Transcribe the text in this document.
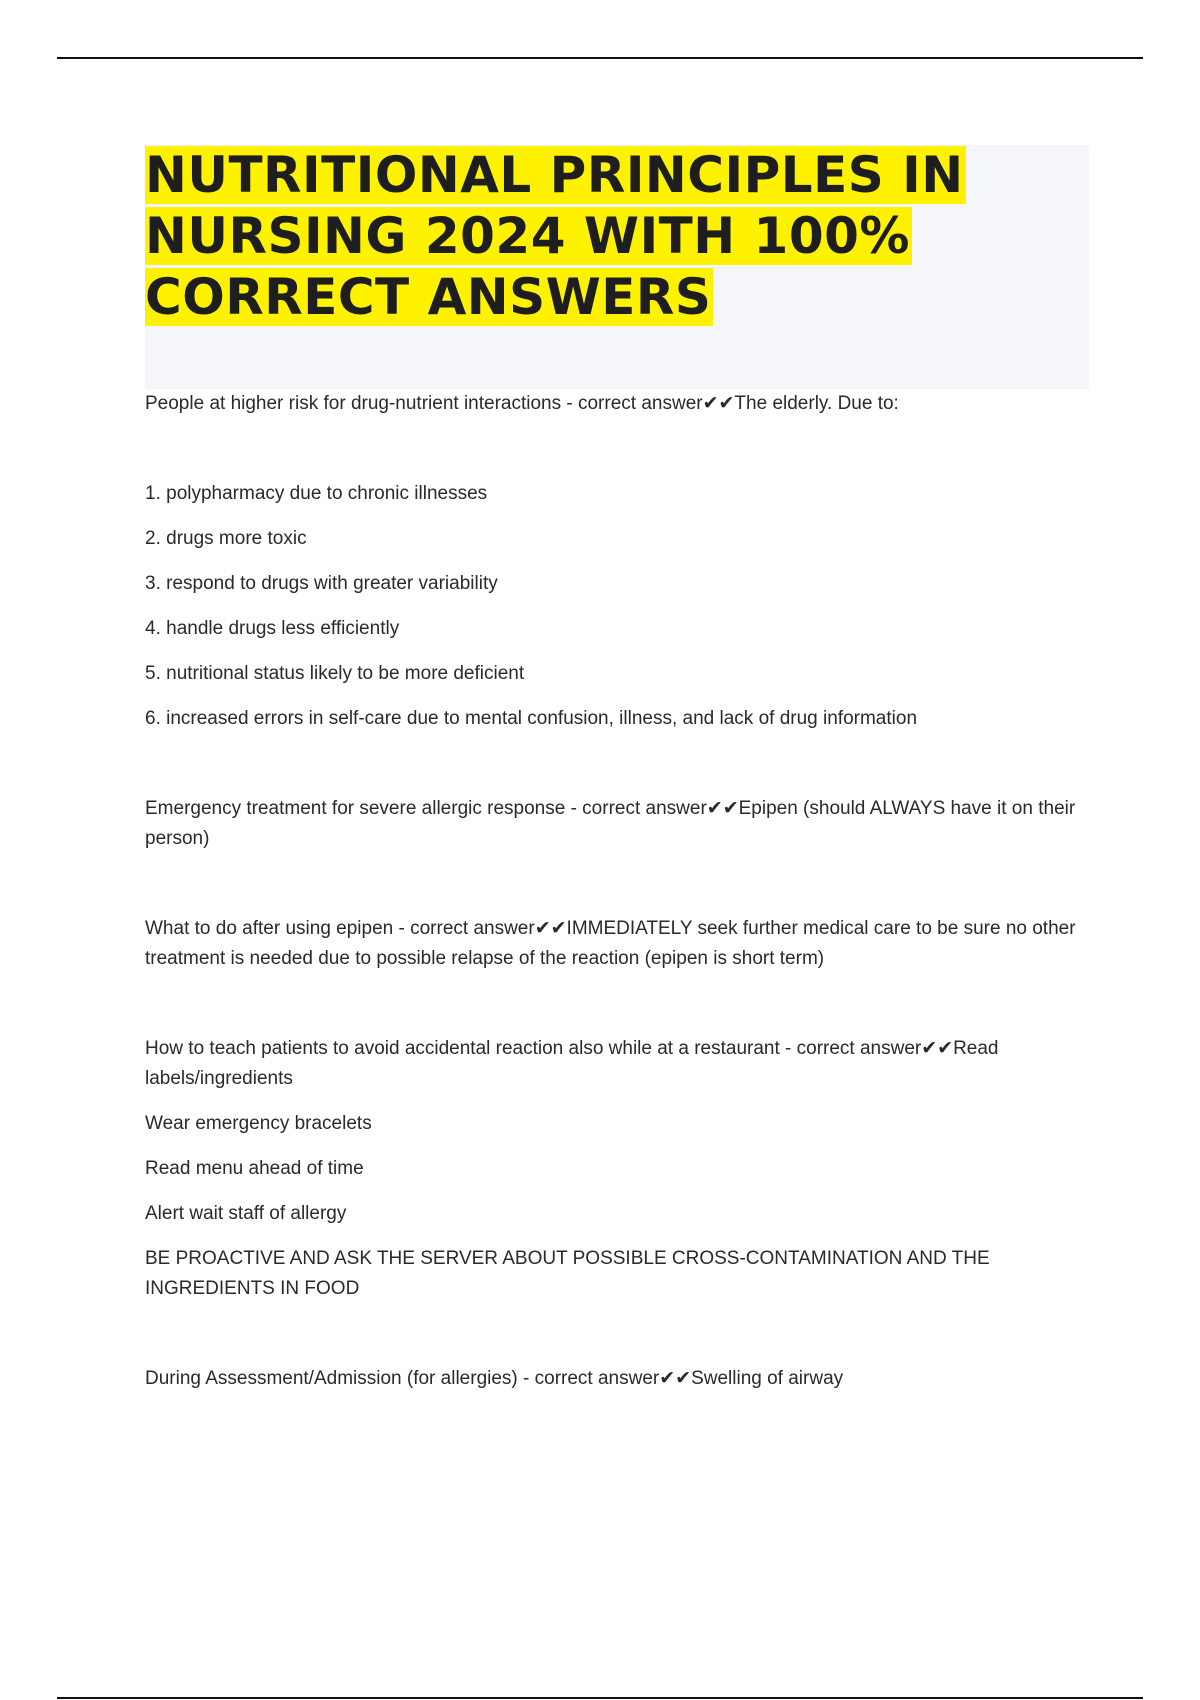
NUTRITIONAL PRINCIPLES IN NURSING 2024 WITH 100% CORRECT ANSWERS

People at higher risk for drug-nutrient interactions - correct answer✔✔The elderly. Due to:

1. polypharmacy due to chronic illnesses

2. drugs more toxic

3. respond to drugs with greater variability

4. handle drugs less efficiently

5. nutritional status likely to be more deficient

6. increased errors in self-care due to mental confusion, illness, and lack of drug information

Emergency treatment for severe allergic response - correct answer✔✔Epipen (should ALWAYS have it on their person)

What to do after using epipen - correct answer✔✔IMMEDIATELY seek further medical care to be sure no other treatment is needed due to possible relapse of the reaction (epipen is short term)

How to teach patients to avoid accidental reaction also while at a restaurant - correct answer✔✔Read labels/ingredients

Wear emergency bracelets

Read menu ahead of time

Alert wait staff of allergy

BE PROACTIVE AND ASK THE SERVER ABOUT POSSIBLE CROSS-CONTAMINATION AND THE INGREDIENTS IN FOOD

During Assessment/Admission (for allergies) - correct answer✔✔Swelling of airway
